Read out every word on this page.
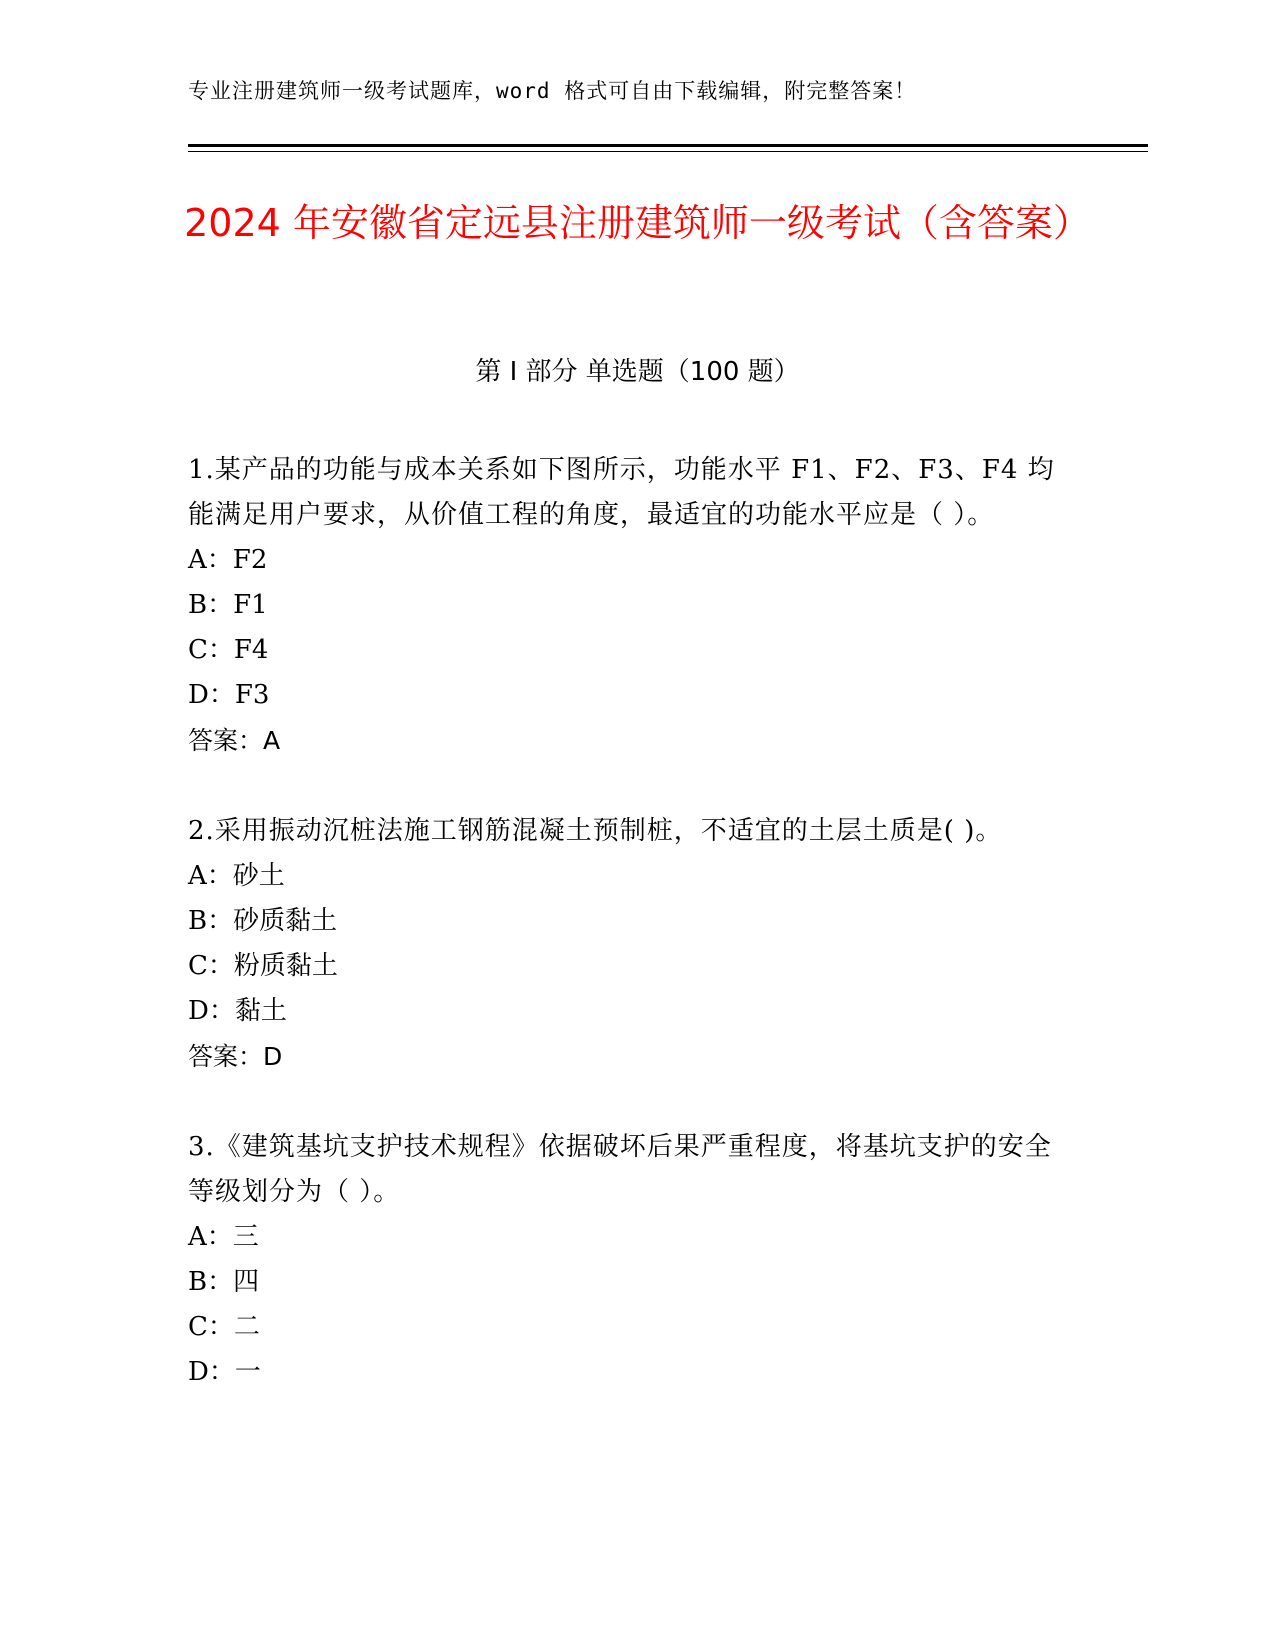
专业注册建筑师一级考试题库，word 格式可自由下载编辑，附完整答案！
2024 年安徽省定远县注册建筑师一级考试（含答案）
第 I 部分 单选题（100 题）

1.某产品的功能与成本关系如下图所示，功能水平 F1、F2、F3、F4 均能满足用户要求，从价值工程的角度，最适宜的功能水平应是（ ）。

A：F2

B：F1

C：F4

D：F3

答案：A

2.采用振动沉桩法施工钢筋混凝土预制桩，不适宜的土层土质是( )。

A：砂土

B：砂质黏土

C：粉质黏土

D：黏土

答案：D

3.《建筑基坑支护技术规程》依据破坏后果严重程度，将基坑支护的安全等级划分为（ ）。

A：三

B：四

C：二

D：一
